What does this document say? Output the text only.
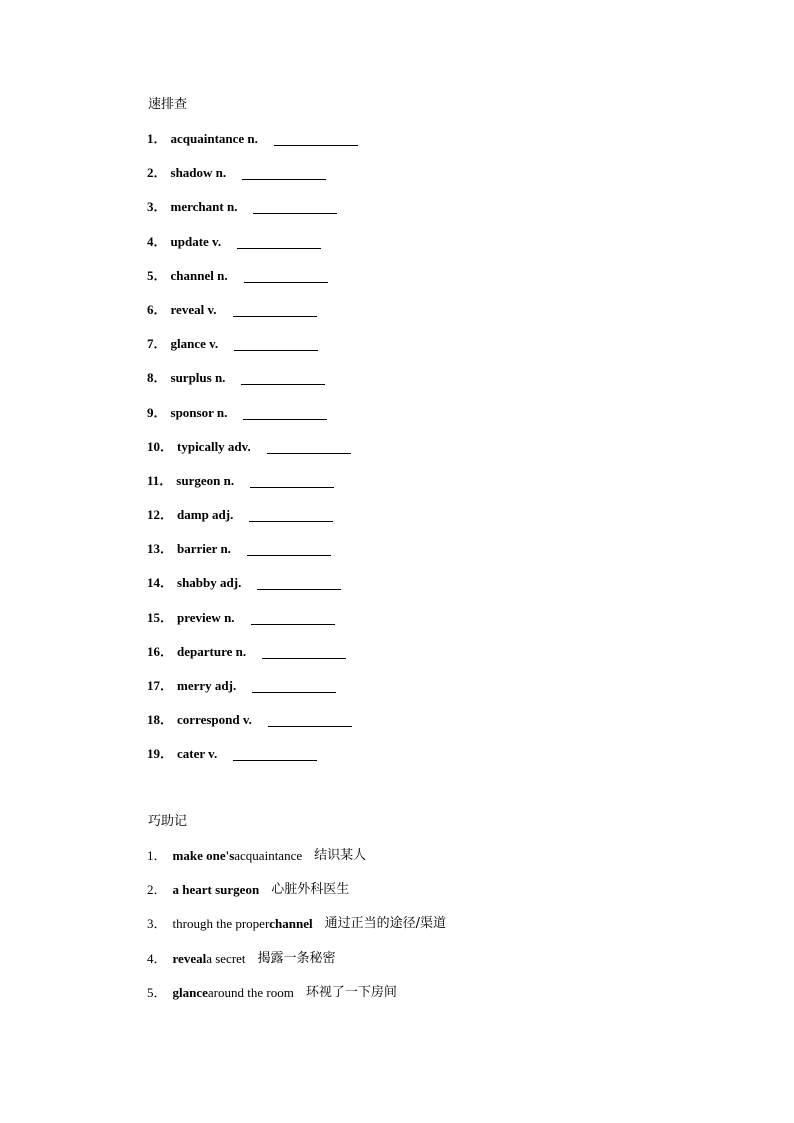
速排查
1． acquaintance n.
2． shadow n.
3． merchant n.
4． update v.
5． channel n.
6． reveal v.
7． glance v.
8． surplus n.
9． sponsor n.
10． typically adv.
11． surgeon n.
12． damp adj.
13． barrier n.
14． shabby adj.
15． preview n.
16． departure n.
17． merry adj.
18． correspond v.
19． cater v.
巧助记
1． make one's acquaintance 结识某人
2． a heart surgeon 心脏外科医生
3． through the proper channel 通过正当的途径/渠道
4． reveal a secret 揭露一条秘密
5． glance around the room 环视了一下房间
